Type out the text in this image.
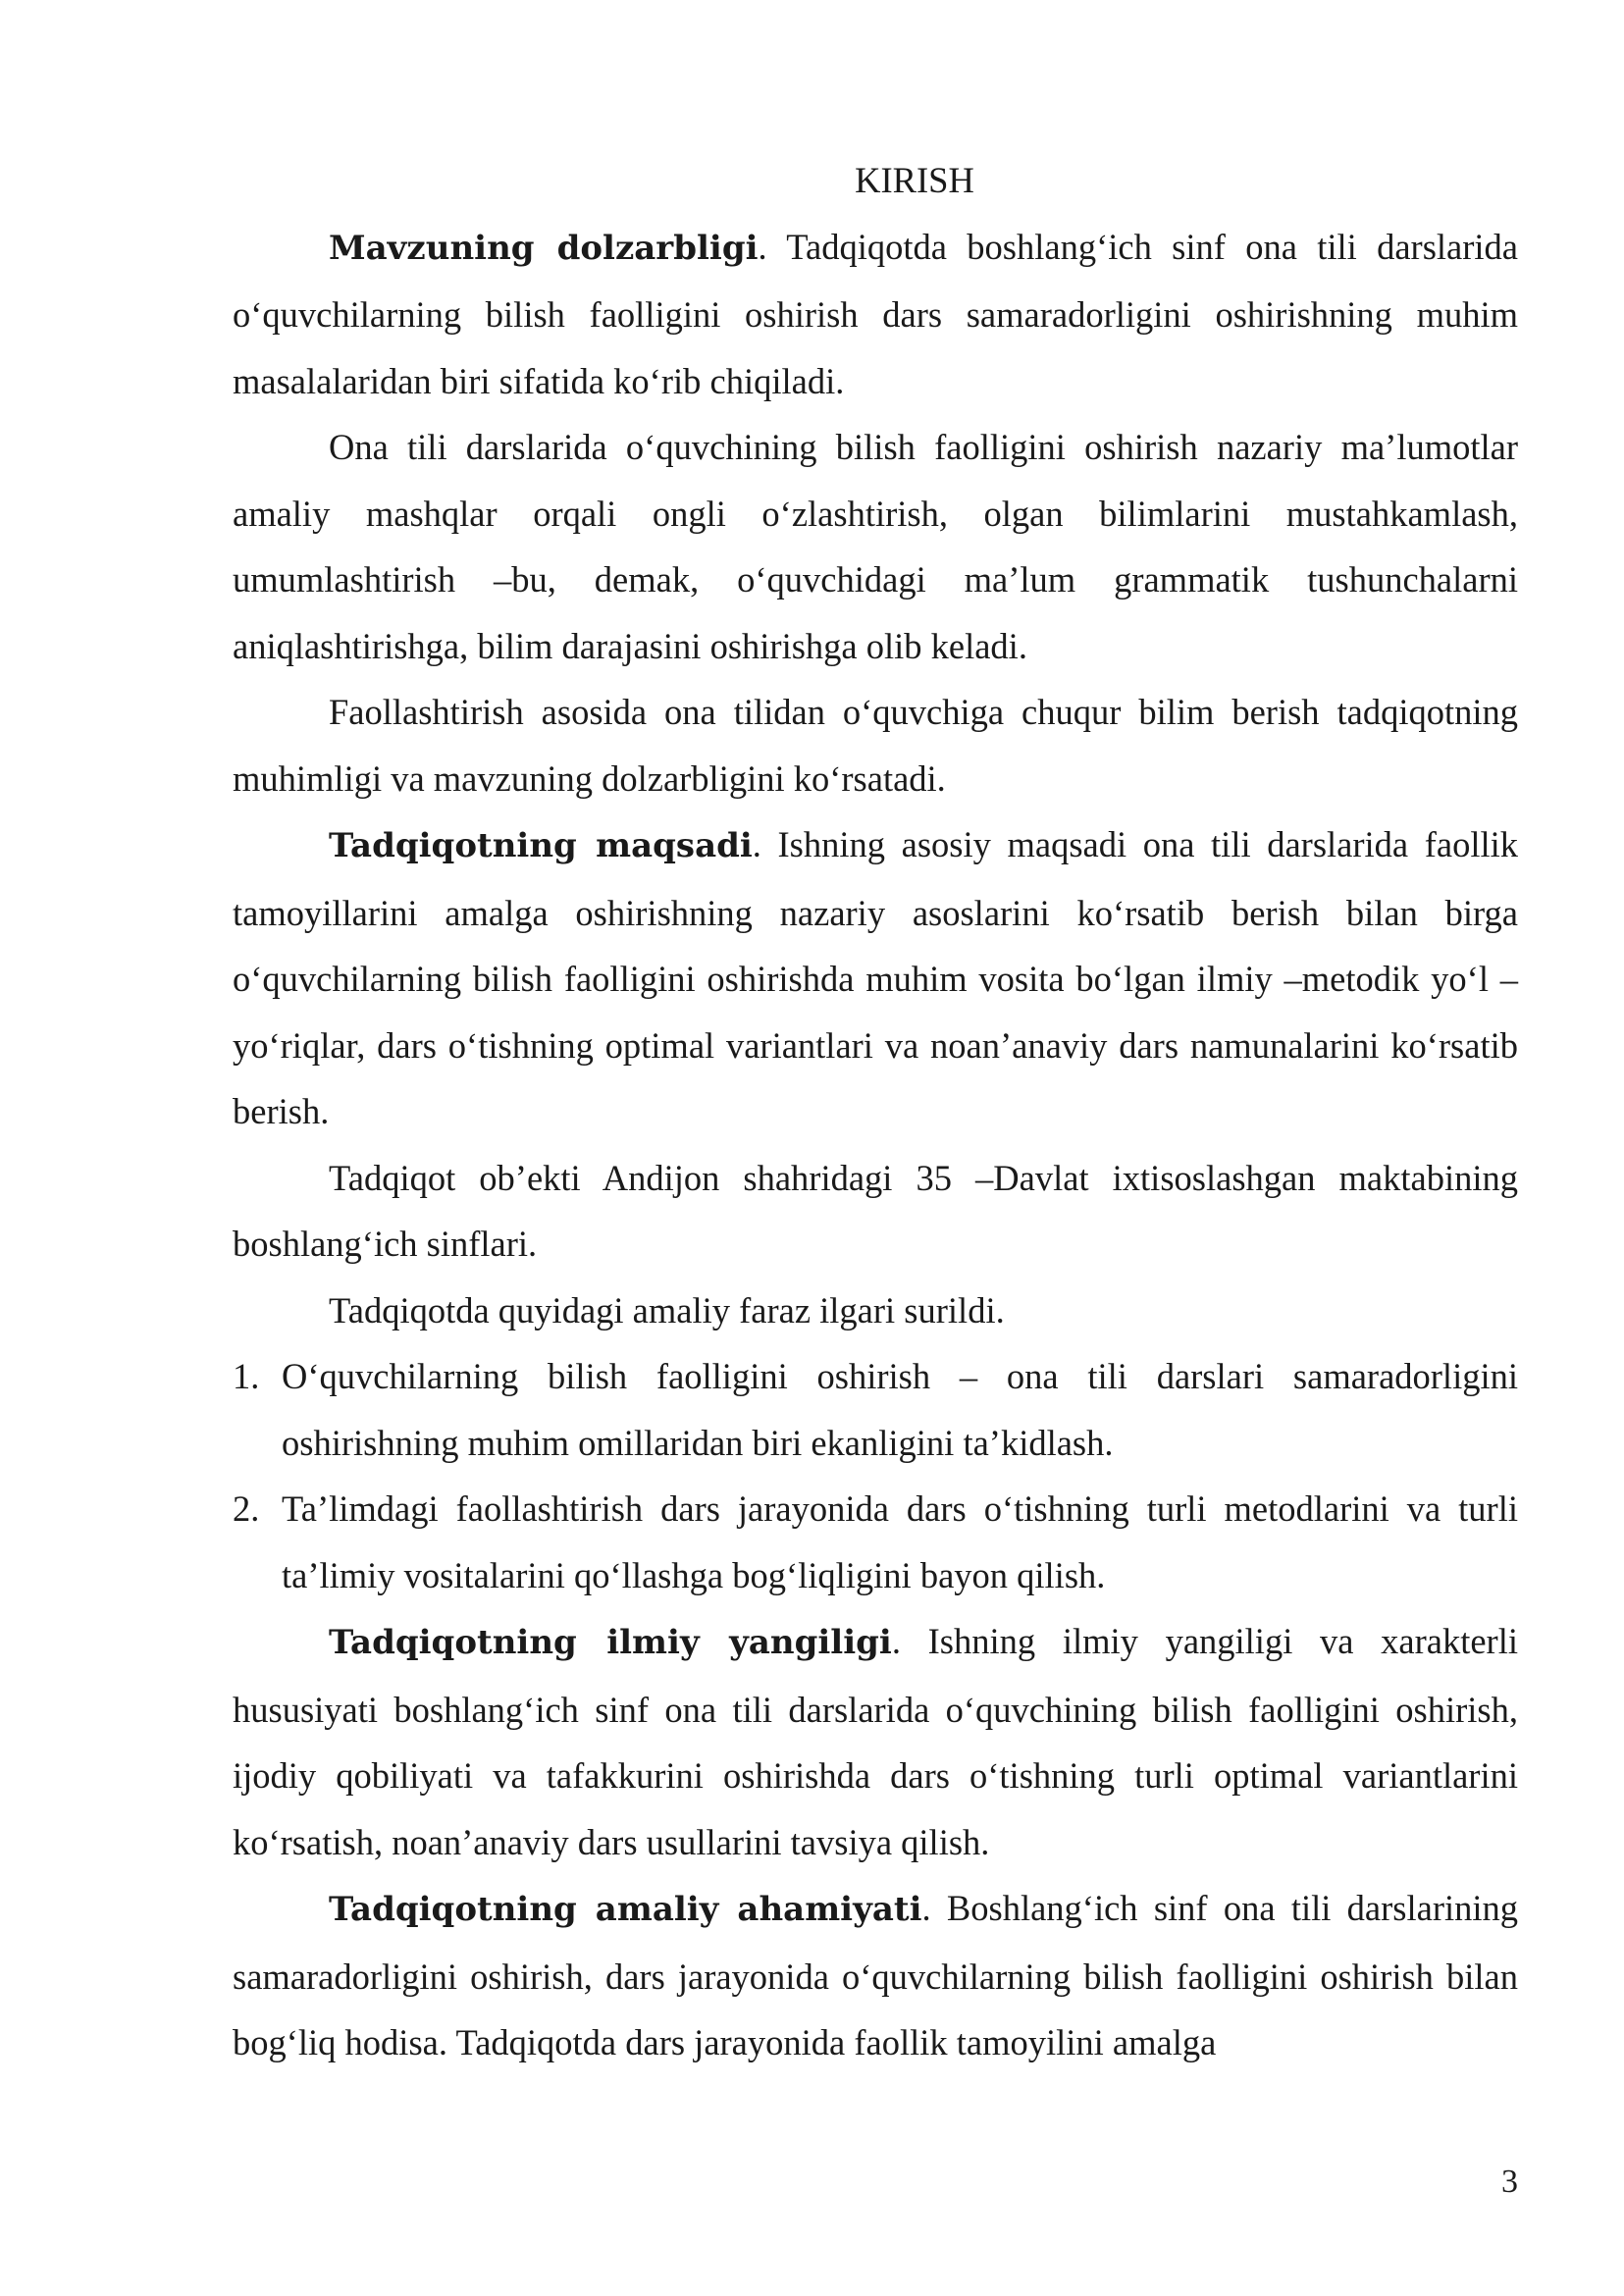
KIRISH

Mavzuning dolzarbligi. Tadqiqotda boshlang‘ich sinf ona tili darslarida o‘quvchilarning bilish faolligini oshirish dars samaradorligini oshirishning muhim masalalaridan biri sifatida ko‘rib chiqiladi.

Ona tili darslarida o‘quvchining bilish faolligini oshirish nazariy ma’lumotlar amaliy mashqlar orqali ongli o‘zlashtirish, olgan bilimlarini mustahkamlash, umumlashtirish –bu, demak, o‘quvchidagi ma’lum grammatik tushunchalarni aniqlashtirishga, bilim darajasini oshirishga olib keladi.

Faollashtirish asosida ona tilidan o‘quvchiga chuqur bilim berish tadqiqotning muhimligi va mavzuning dolzarbligini ko‘rsatadi.

Tadqiqotning maqsadi. Ishning asosiy maqsadi ona tili darslarida faollik tamoyillarini amalga oshirishning nazariy asoslarini ko‘rsatib berish bilan birga o‘quvchilarning bilish faolligini oshirishda muhim vosita bo‘lgan ilmiy –metodik yo‘l –yo‘riqlar, dars o‘tishning optimal variantlari va noan’anaviy dars namunalarini ko‘rsatib berish.

Tadqiqot ob’ekti Andijon shahridagi 35 –Davlat ixtisoslashgan maktabining boshlang‘ich sinflari.

Tadqiqotda quyidagi amaliy faraz ilgari surildi.

1. O‘quvchilarning bilish faolligini oshirish – ona tili darslari samaradorligini oshirishning muhim omillaridan biri ekanligini ta’kidlash.
2. Ta’limdagi faollashtirish dars jarayonida dars o‘tishning turli metodlarini va turli ta’limiy vositalarini qo‘llashga bog‘liqligini bayon qilish.

Tadqiqotning ilmiy yangiligi. Ishning ilmiy yangiligi va xarakterli hususiyati boshlang‘ich sinf ona tili darslarida o‘quvchining bilish faolligini oshirish, ijodiy qobiliyati va tafakkurini oshirishda dars o‘tishning turli optimal variantlarini ko‘rsatish, noan’anaviy dars usullarini tavsiya qilish.

Tadqiqotning amaliy ahamiyati. Boshlang‘ich sinf ona tili darslarining samaradorligini oshirish, dars jarayonida o‘quvchilarning bilish faolligini oshirish bilan bog‘liq hodisa. Tadqiqotda dars jarayonida faollik tamoyilini amalga

3
